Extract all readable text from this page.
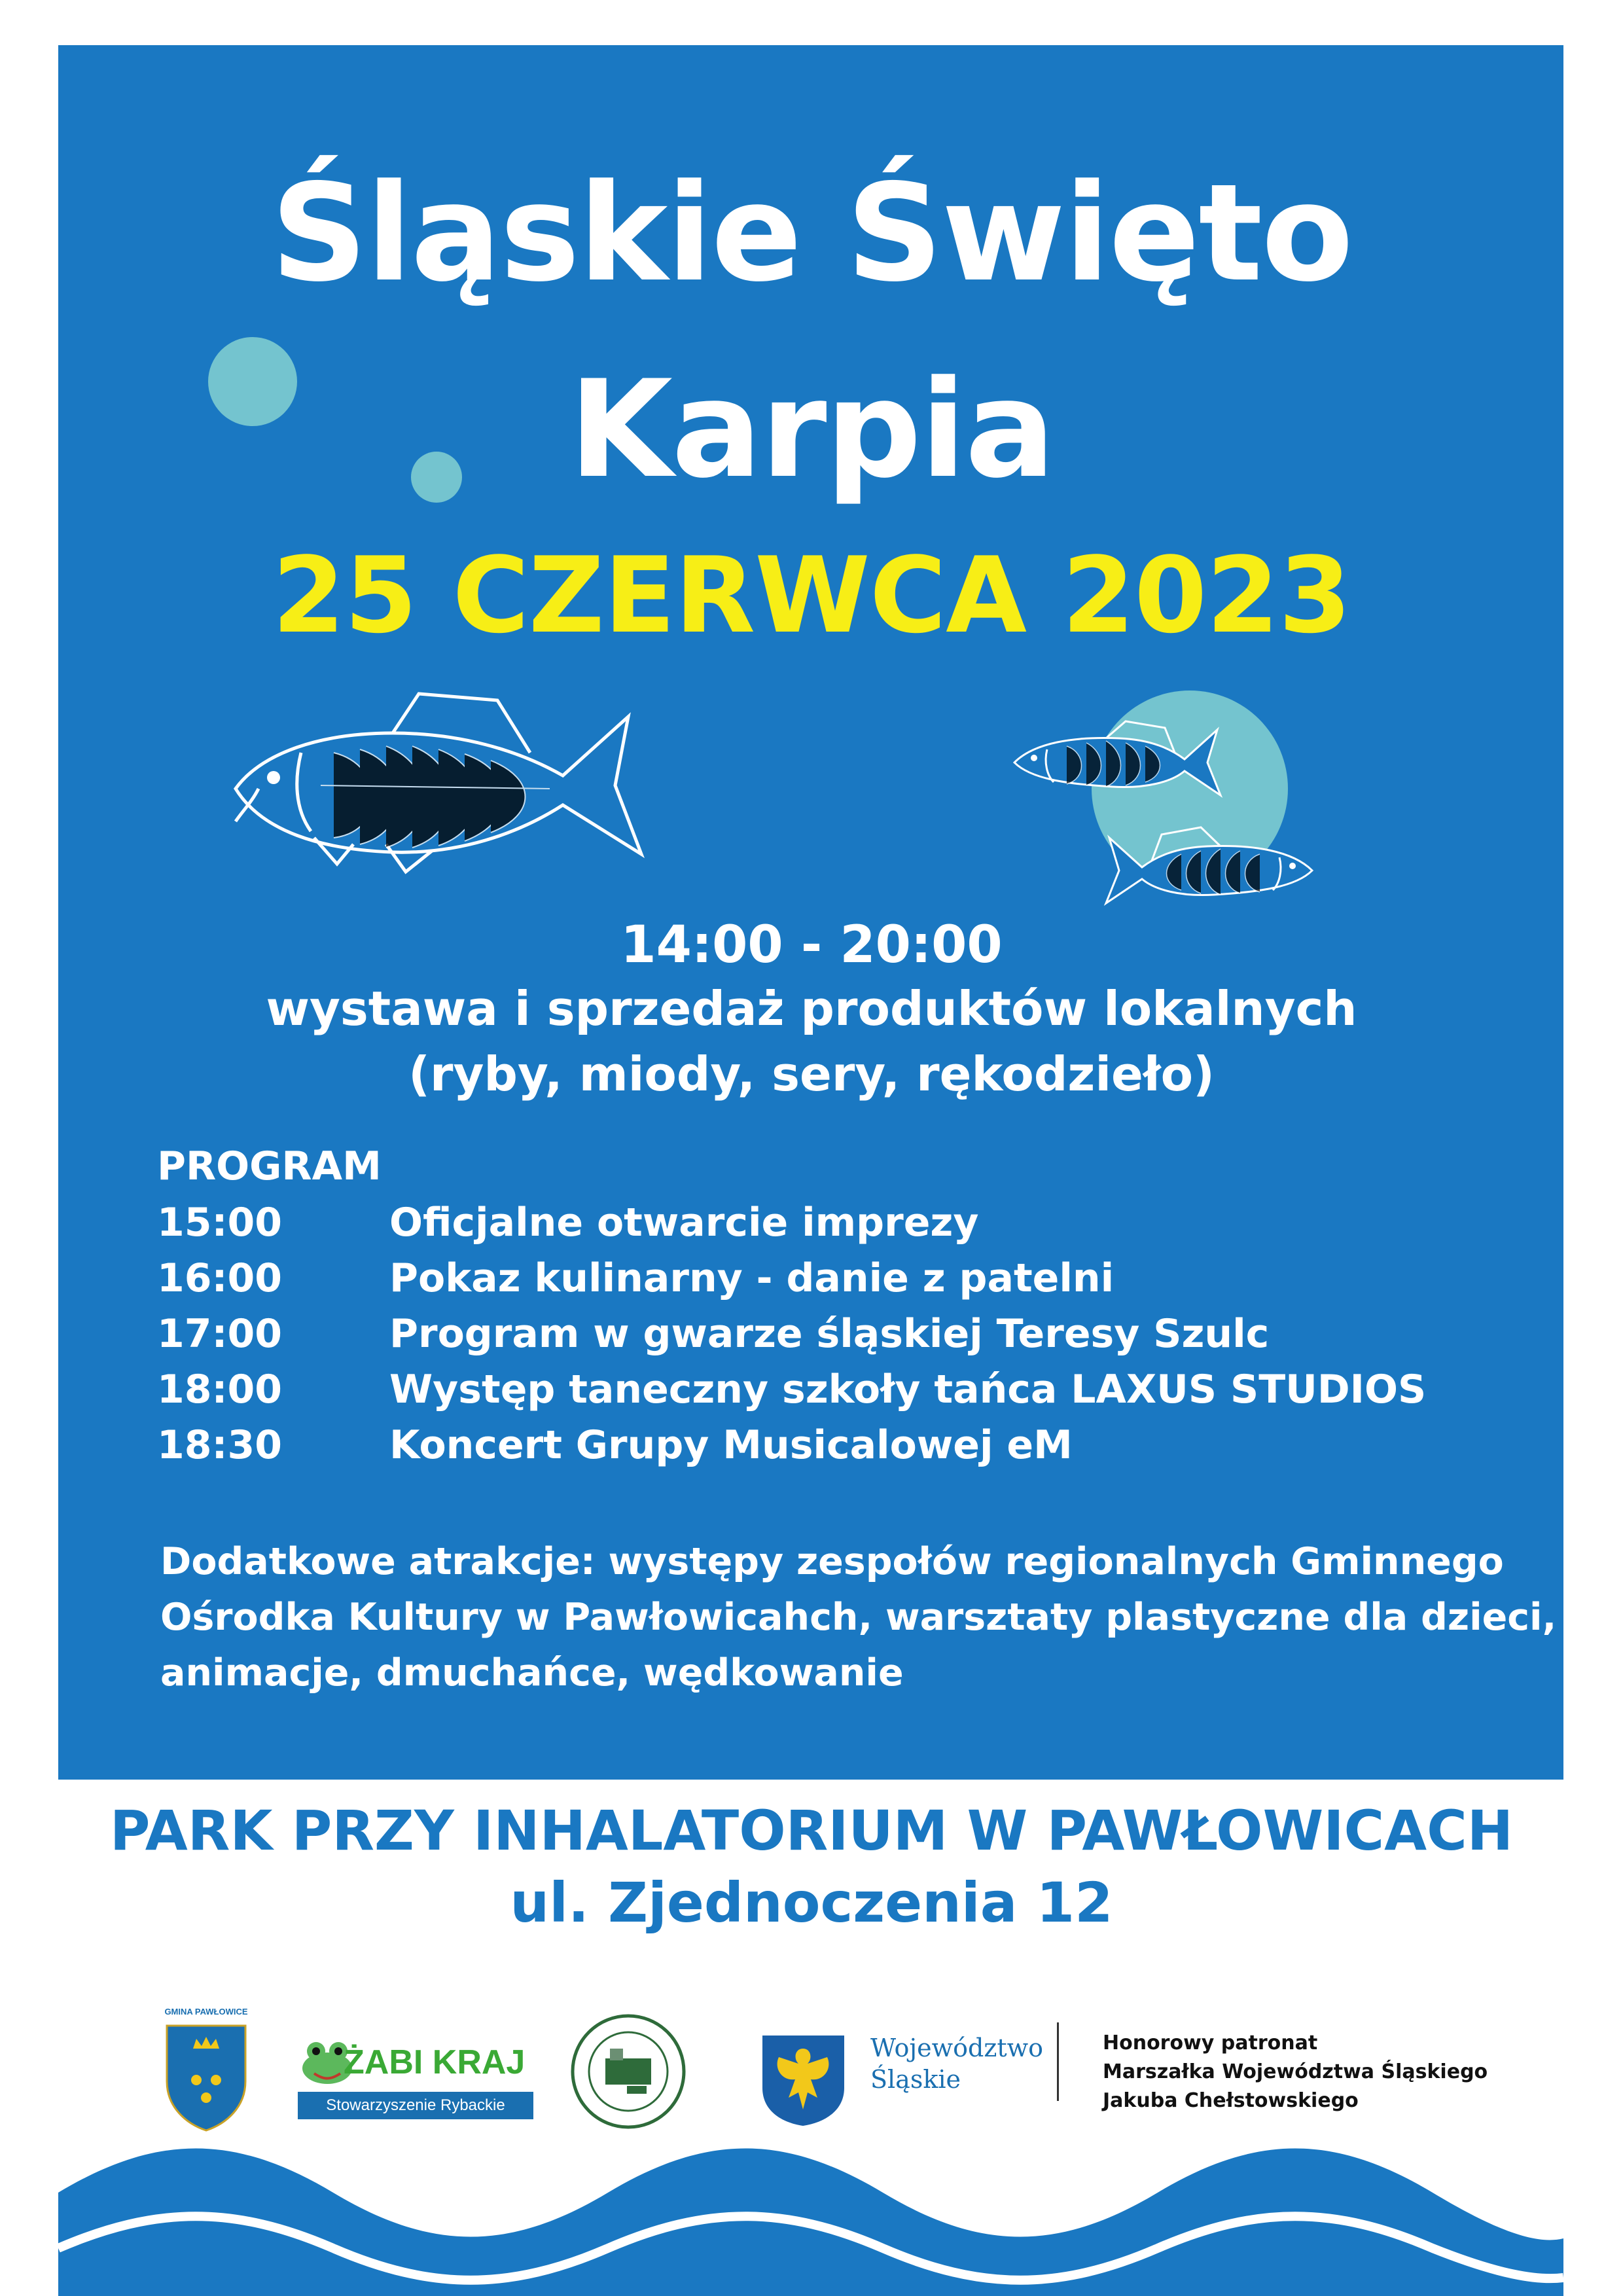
Śląskie Święto
Karpia
25 CZERWCA 2023
14:00 - 20:00
wystawa i sprzedaż produktów lokalnych
(ryby, miody, sery, rękodzieło)
PROGRAM
15:00	Oficjalne otwarcie imprezy
16:00	Pokaz kulinarny - danie z patelni
17:00	Program w gwarze śląskiej Teresy Szulc
18:00	Występ taneczny szkoły tańca LAXUS STUDIOS
18:30	Koncert Grupy Musicalowej eM
Dodatkowe atrakcje: występy zespołów regionalnych Gminnego
Ośrodka Kultury w Pawłowicahch, warsztaty plastyczne dla dzieci,
animacje, dmuchańce, wędkowanie
PARK PRZY INHALATORIUM W PAWŁOWICACH
ul. Zjednoczenia 12
GMINA PAWŁOWICE
ŻABI KRAJ
Stowarzyszenie Rybackie
Województwo
Śląskie
Honorowy patronat
Marszałka Województwa Śląskiego
Jakuba Chełstowskiego
